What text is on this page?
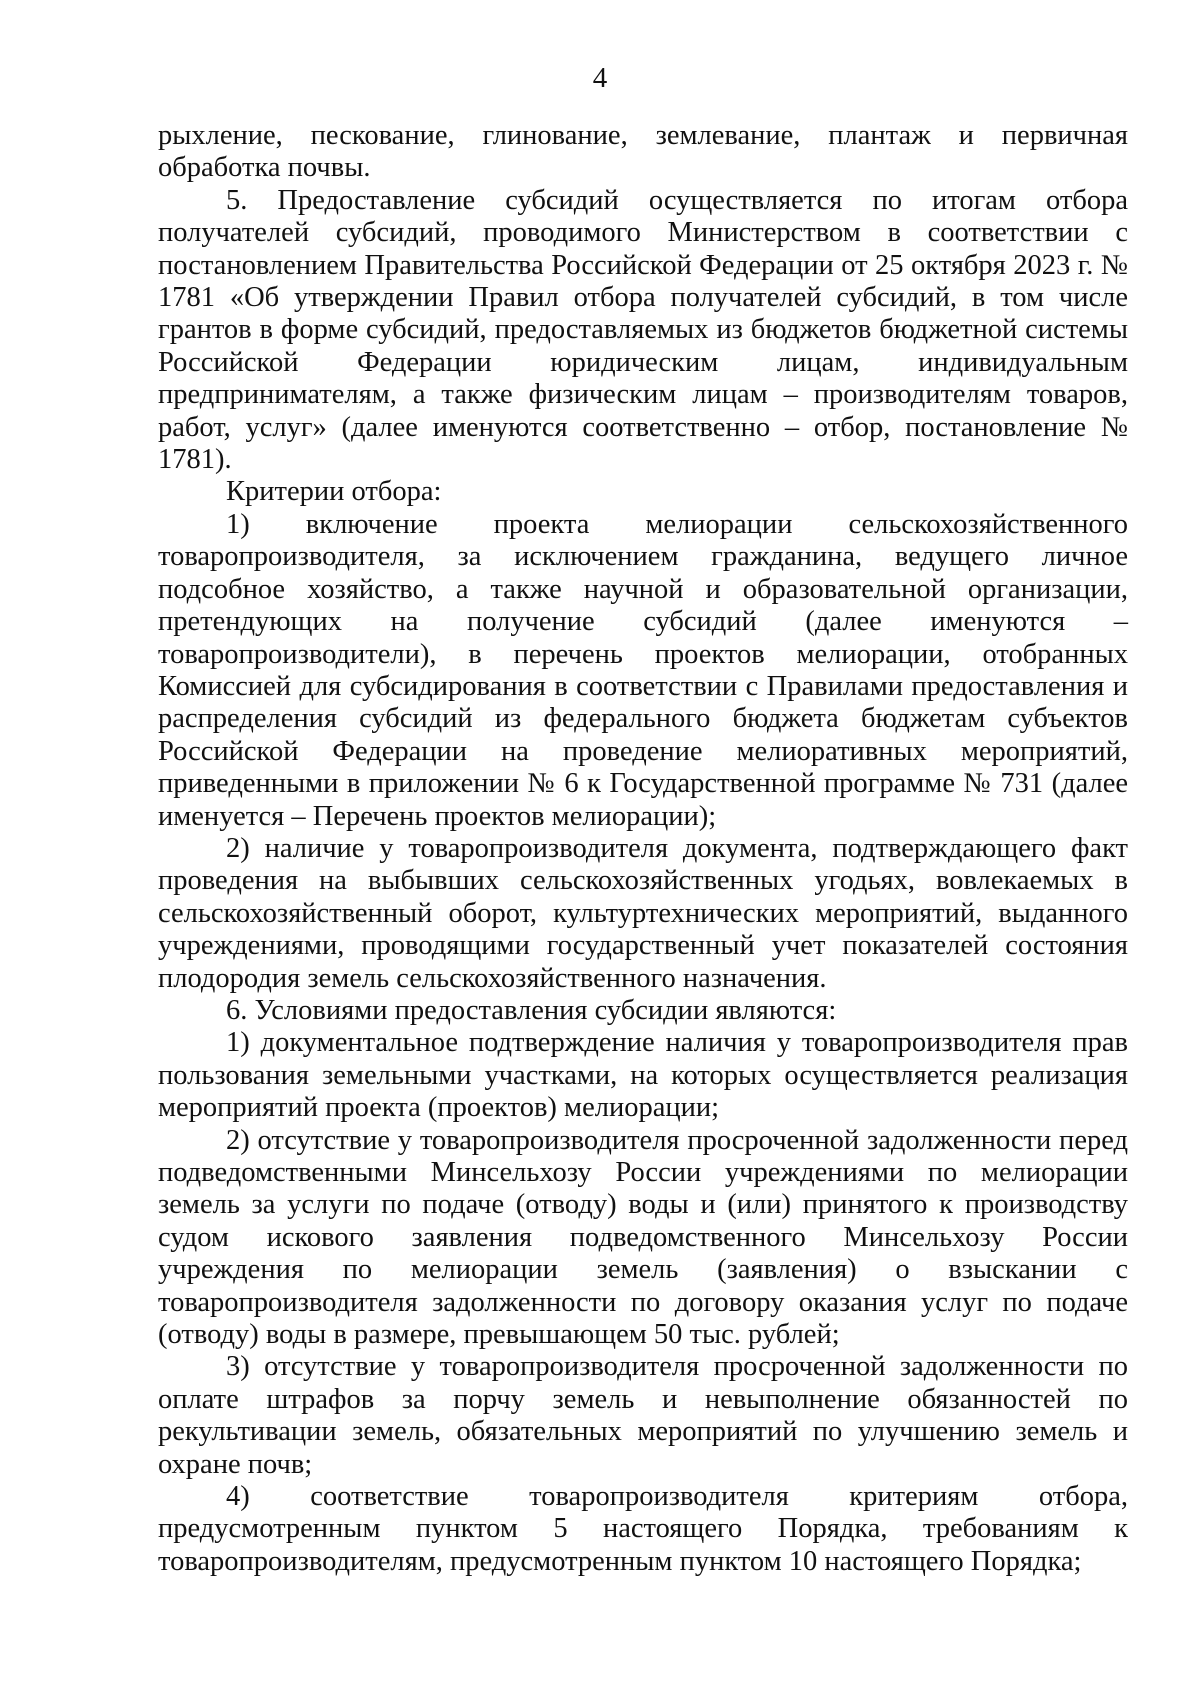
4

рыхление, пескование, глинование, землевание, плантаж и первичная обработка почвы.

5. Предоставление субсидий осуществляется по итогам отбора получателей субсидий, проводимого Министерством в соответствии с постановлением Правительства Российской Федерации от 25 октября 2023 г. № 1781 «Об утверждении Правил отбора получателей субсидий, в том числе грантов в форме субсидий, предоставляемых из бюджетов бюджетной системы Российской Федерации юридическим лицам, индивидуальным предпринимателям, а также физическим лицам – производителям товаров, работ, услуг» (далее именуются соответственно – отбор, постановление № 1781).

Критерии отбора:

1) включение проекта мелиорации сельскохозяйственного товаропроизводителя, за исключением гражданина, ведущего личное подсобное хозяйство, а также научной и образовательной организации, претендующих на получение субсидий (далее именуются – товаропроизводители), в перечень проектов мелиорации, отобранных Комиссией для субсидирования в соответствии с Правилами предоставления и распределения субсидий из федерального бюджета бюджетам субъектов Российской Федерации на проведение мелиоративных мероприятий, приведенными в приложении № 6 к Государственной программе № 731 (далее именуется – Перечень проектов мелиорации);

2) наличие у товаропроизводителя документа, подтверждающего факт проведения на выбывших сельскохозяйственных угодьях, вовлекаемых в сельскохозяйственный оборот, культуртехнических мероприятий, выданного учреждениями, проводящими государственный учет показателей состояния плодородия земель сельскохозяйственного назначения.

6. Условиями предоставления субсидии являются:

1) документальное подтверждение наличия у товаропроизводителя прав пользования земельными участками, на которых осуществляется реализация мероприятий проекта (проектов) мелиорации;

2) отсутствие у товаропроизводителя просроченной задолженности перед подведомственными Минсельхозу России учреждениями по мелиорации земель за услуги по подаче (отводу) воды и (или) принятого к производству судом искового заявления подведомственного Минсельхозу России учреждения по мелиорации земель (заявления) о взыскании с товаропроизводителя задолженности по договору оказания услуг по подаче (отводу) воды в размере, превышающем 50 тыс. рублей;

3) отсутствие у товаропроизводителя просроченной задолженности по оплате штрафов за порчу земель и невыполнение обязанностей по рекультивации земель, обязательных мероприятий по улучшению земель и охране почв;

4) соответствие товаропроизводителя критериям отбора, предусмотренным пунктом 5 настоящего Порядка, требованиям к товаропроизводителям, предусмотренным пунктом 10 настоящего Порядка;
